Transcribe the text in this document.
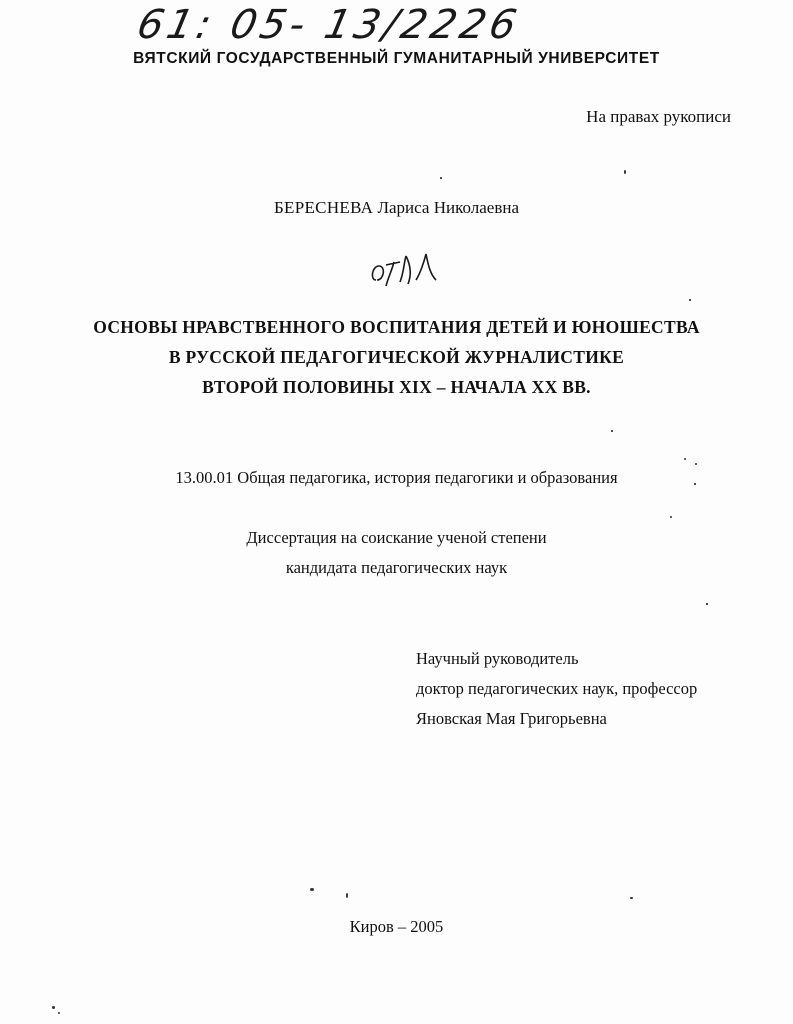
61: 05- 13/2226
ВЯТСКИЙ ГОСУДАРСТВЕННЫЙ ГУМАНИТАРНЫЙ УНИВЕРСИТЕТ
На правах рукописи
БЕРЕСНЕВА Лариса Николаевна
ОСНОВЫ НРАВСТВЕННОГО ВОСПИТАНИЯ ДЕТЕЙ И ЮНОШЕСТВА
В РУССКОЙ ПЕДАГОГИЧЕСКОЙ ЖУРНАЛИСТИКЕ
ВТОРОЙ ПОЛОВИНЫ XIX – НАЧАЛА XX ВВ.
13.00.01 Общая педагогика, история педагогики и образования
Диссертация на соискание ученой степени
кандидата педагогических наук
Научный руководитель
доктор педагогических наук, профессор
Яновская Мая Григорьевна
Киров – 2005
